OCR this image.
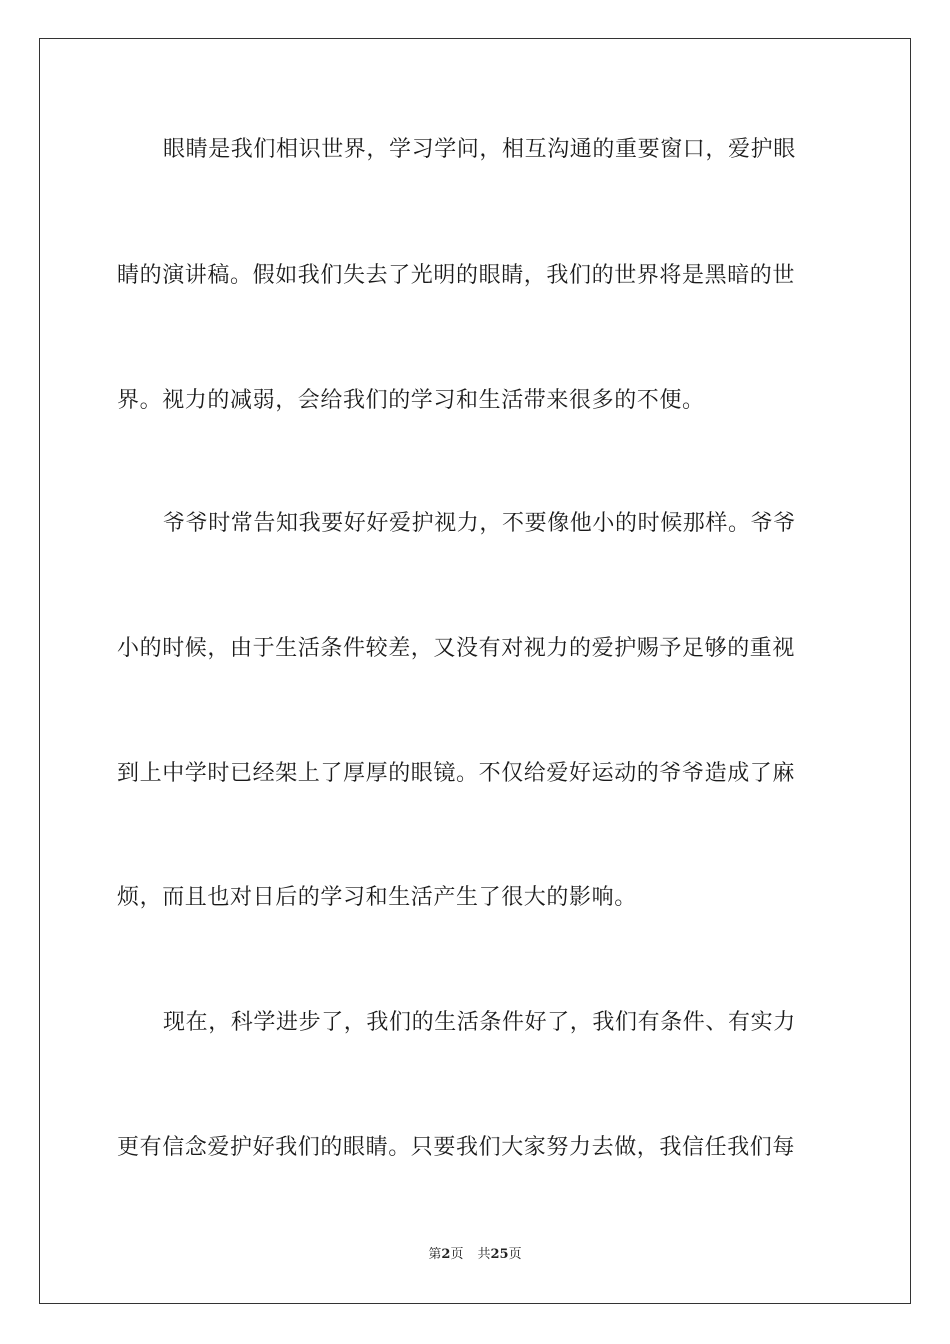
眼睛是我们相识世界，学习学问，相互沟通的重要窗口，爱护眼
睛的演讲稿。假如我们失去了光明的眼睛，我们的世界将是黑暗的世
界。视力的减弱，会给我们的学习和生活带来很多的不便。
爷爷时常告知我要好好爱护视力，不要像他小的时候那样。爷爷
小的时候，由于生活条件较差，又没有对视力的爱护赐予足够的重视
到上中学时已经架上了厚厚的眼镜。不仅给爱好运动的爷爷造成了麻
烦，而且也对日后的学习和生活产生了很大的影响。
现在，科学进步了，我们的生活条件好了，我们有条件、有实力
更有信念爱护好我们的眼睛。只要我们大家努力去做，我信任我们每
第2页 共25页
